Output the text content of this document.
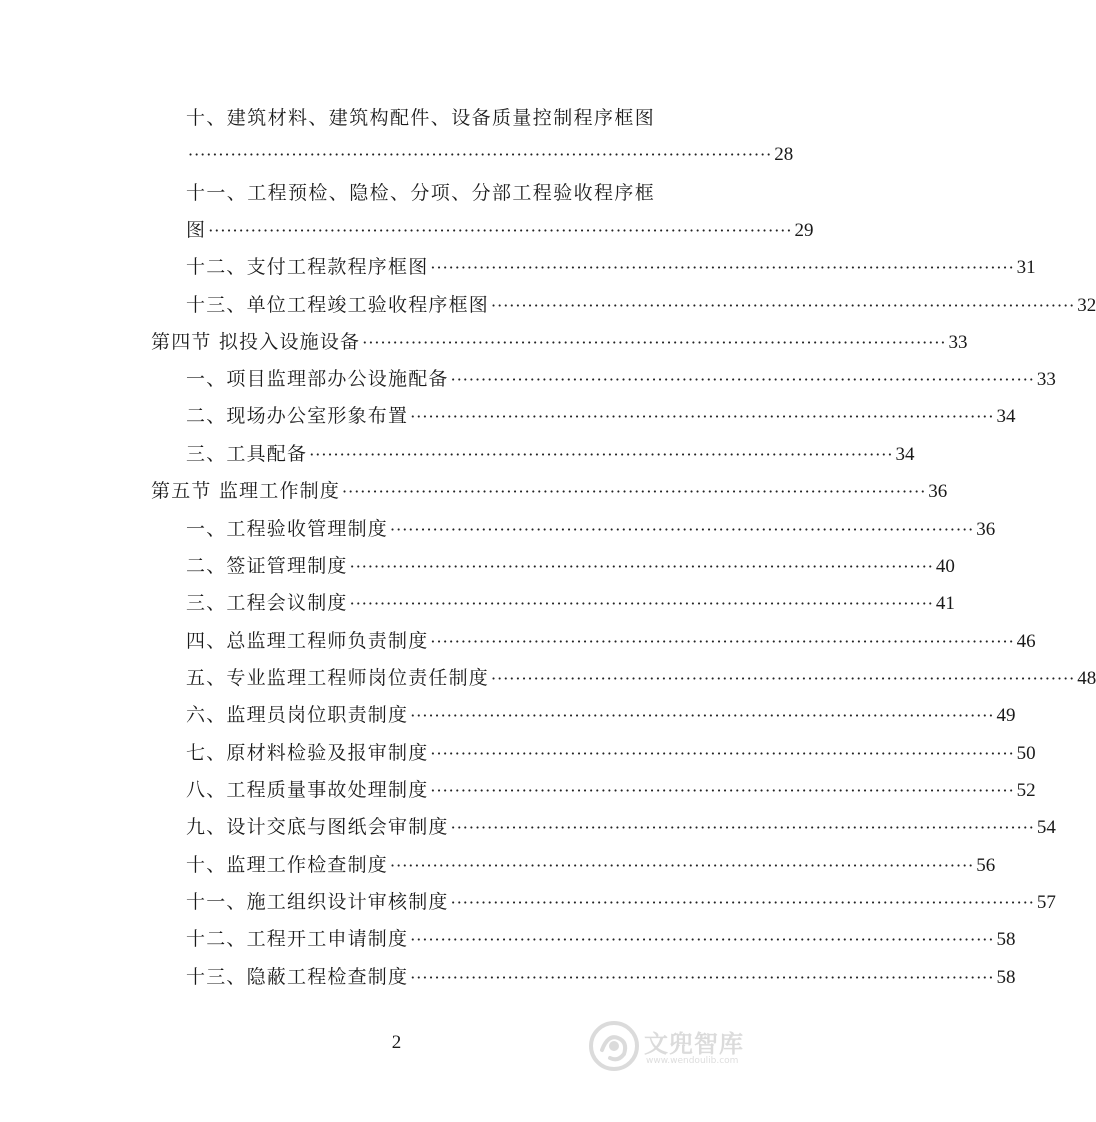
十、建筑材料、建筑构配件、设备质量控制程序框图
································································································ 28
十一、工程预检、隐检、分项、分部工程验收程序框
图 ································································································ 29
十二、支付工程款程序框图 ································································································ 31
十三、单位工程竣工验收程序框图 ································································································ 32
第四节 拟投入设施设备 ································································································ 33
一、项目监理部办公设施配备 ································································································ 33
二、现场办公室形象布置 ································································································ 34
三、工具配备 ································································································ 34
第五节 监理工作制度 ································································································ 36
一、工程验收管理制度 ································································································ 36
二、签证管理制度 ································································································ 40
三、工程会议制度 ································································································ 41
四、总监理工程师负责制度 ································································································ 46
五、专业监理工程师岗位责任制度 ································································································ 48
六、监理员岗位职责制度 ································································································ 49
七、原材料检验及报审制度 ································································································ 50
八、工程质量事故处理制度 ································································································ 52
九、设计交底与图纸会审制度 ································································································ 54
十、监理工作检查制度 ································································································ 56
十一、施工组织设计审核制度 ································································································ 57
十二、工程开工申请制度 ································································································ 58
十三、隐蔽工程检查制度 ································································································ 58
2	文兜智库
www.wendoulib.com
